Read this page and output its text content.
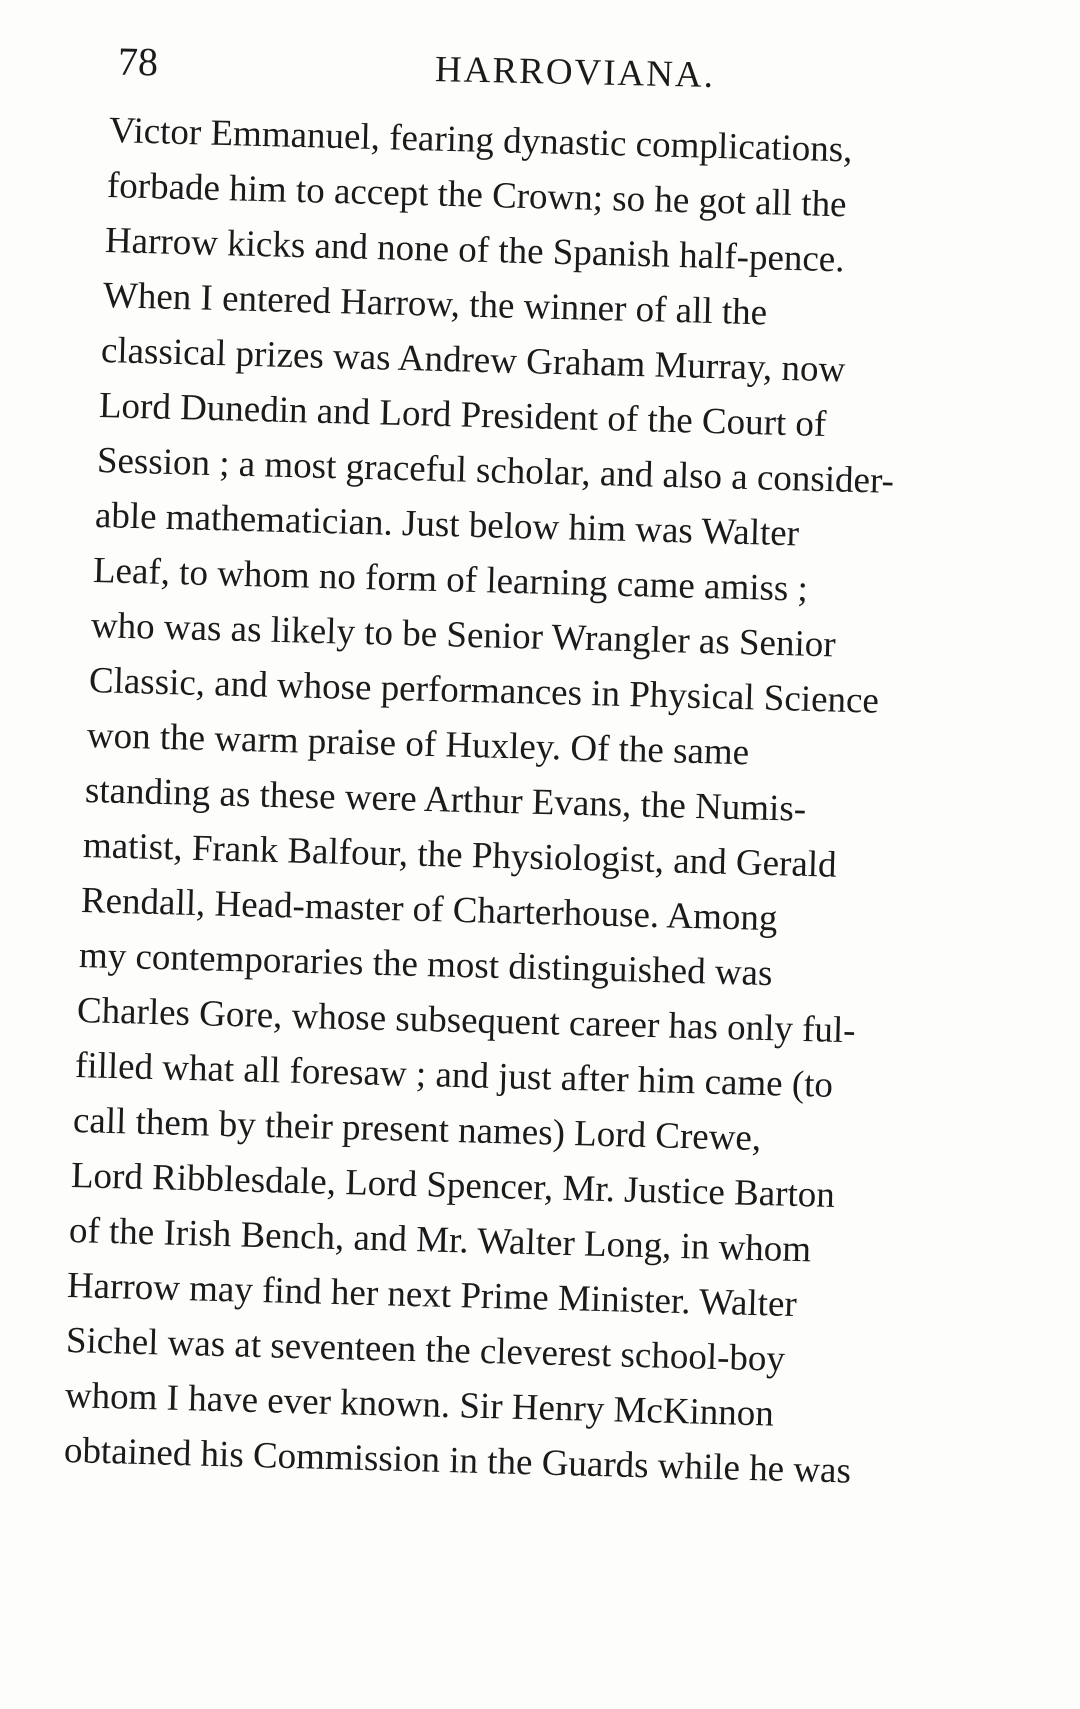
78	HARROVIANA.
Victor Emmanuel, fearing dynastic complications,
forbade him to accept the Crown; so he got all the
Harrow kicks and none of the Spanish half-pence.
When I entered Harrow, the winner of all the
classical prizes was Andrew Graham Murray, now
Lord Dunedin and Lord President of the Court of
Session ; a most graceful scholar, and also a consider-
able mathematician. Just below him was Walter
Leaf, to whom no form of learning came amiss ;
who was as likely to be Senior Wrangler as Senior
Classic, and whose performances in Physical Science
won the warm praise of Huxley. Of the same
standing as these were Arthur Evans, the Numis-
matist, Frank Balfour, the Physiologist, and Gerald
Rendall, Head-master of Charterhouse. Among
my contemporaries the most distinguished was
Charles Gore, whose subsequent career has only ful-
filled what all foresaw ; and just after him came (to
call them by their present names) Lord Crewe,
Lord Ribblesdale, Lord Spencer, Mr. Justice Barton
of the Irish Bench, and Mr. Walter Long, in whom
Harrow may find her next Prime Minister. Walter
Sichel was at seventeen the cleverest school-boy
whom I have ever known. Sir Henry McKinnon
obtained his Commission in the Guards while he was
